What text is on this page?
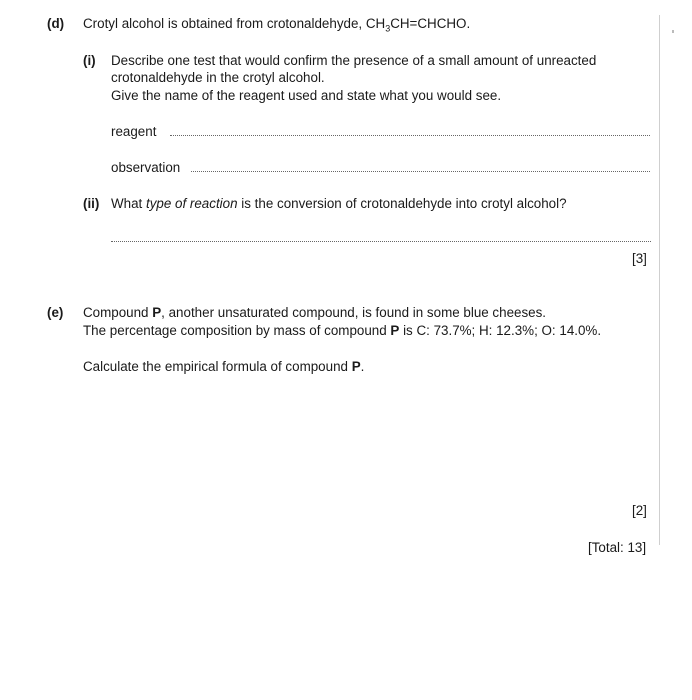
(d) Crotyl alcohol is obtained from crotonaldehyde, $CH_3CH=CHCHO$.
(i) Describe one test that would confirm the presence of a small amount of unreacted
crotonaldehyde in the crotyl alcohol.
Give the name of the reagent used and state what you would see.
reagent
observation
(ii) What type of reaction is the conversion of crotonaldehyde into crotyl alcohol?
[3]
(e) Compound P, another unsaturated compound, is found in some blue cheeses.
The percentage composition by mass of compound P is C: 73.7%; H: 12.3%; O: 14.0%.
Calculate the empirical formula of compound P.
[2]
[Total: 13]
